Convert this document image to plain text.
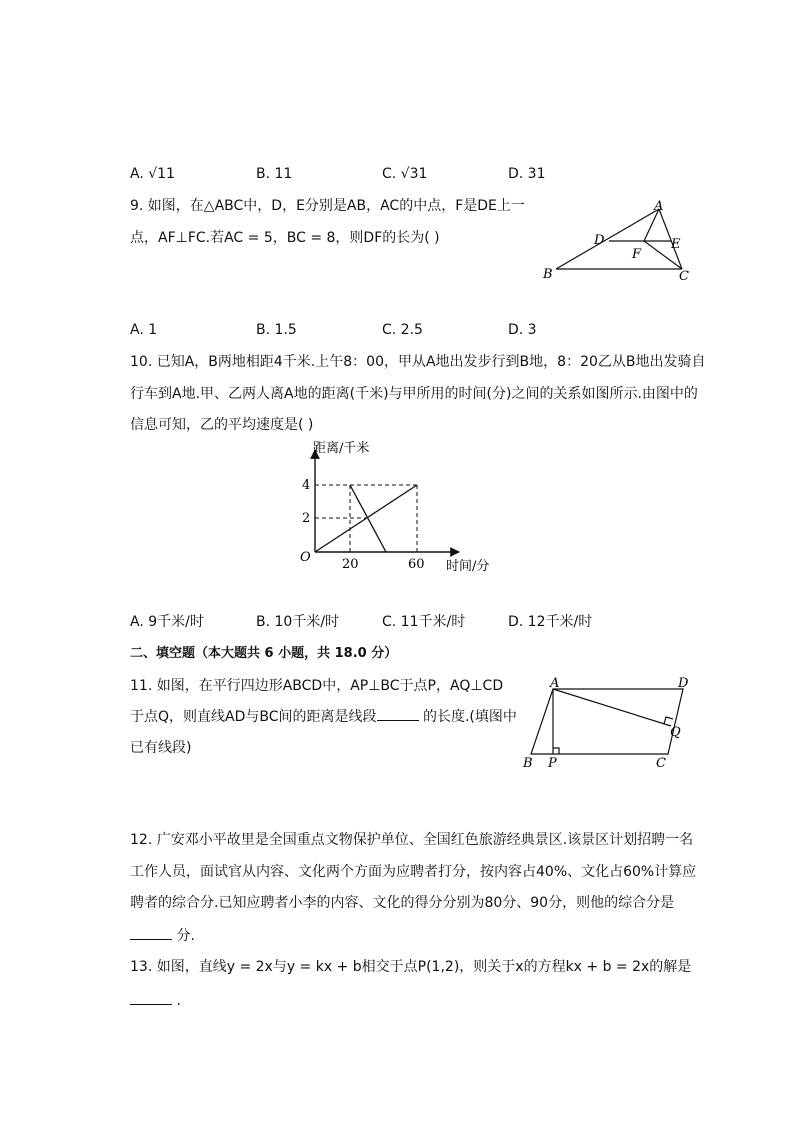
A. √11	B. 11	C. √31	D. 31
9. 如图，在△ABC中，D，E分别是AB，AC的中点，F是DE上一
点，AF⊥FC.若AC = 5，BC = 8，则DF的长为( )
A
B	C
D	E
F
A. 1	B. 1.5	C. 2.5	D. 3
10. 已知A，B两地相距4千米.上午8：00，甲从A地出发步行到B地，8：20乙从B地出发骑自
行车到A地.甲、乙两人离A地的距离(千米)与甲所用的时间(分)之间的关系如图所示.由图中的
信息可知，乙的平均速度是( )
距离/千米
时间/分
O
4
2
20	60
A. 9千米/时	B. 10千米/时	C. 11千米/时	D. 12千米/时
二、填空题（本大题共 6 小题，共 18.0 分）
11. 如图，在平行四边形ABCD中，AP⊥BC于点P，AQ⊥CD
于点Q，则直线AD与BC间的距离是线段	的长度.(填图中
已有线段)
A	D
B P	C
Q
12. 广安邓小平故里是全国重点文物保护单位、全国红色旅游经典景区.该景区计划招聘一名
工作人员，面试官从内容、文化两个方面为应聘者打分，按内容占40%、文化占60%计算应
聘者的综合分.已知应聘者小李的内容、文化的得分分别为80分、90分，则他的综合分是
分.
13. 如图，直线y = 2x与y = kx + b相交于点P(1,2)，则关于x的方程kx + b = 2x的解是
.
